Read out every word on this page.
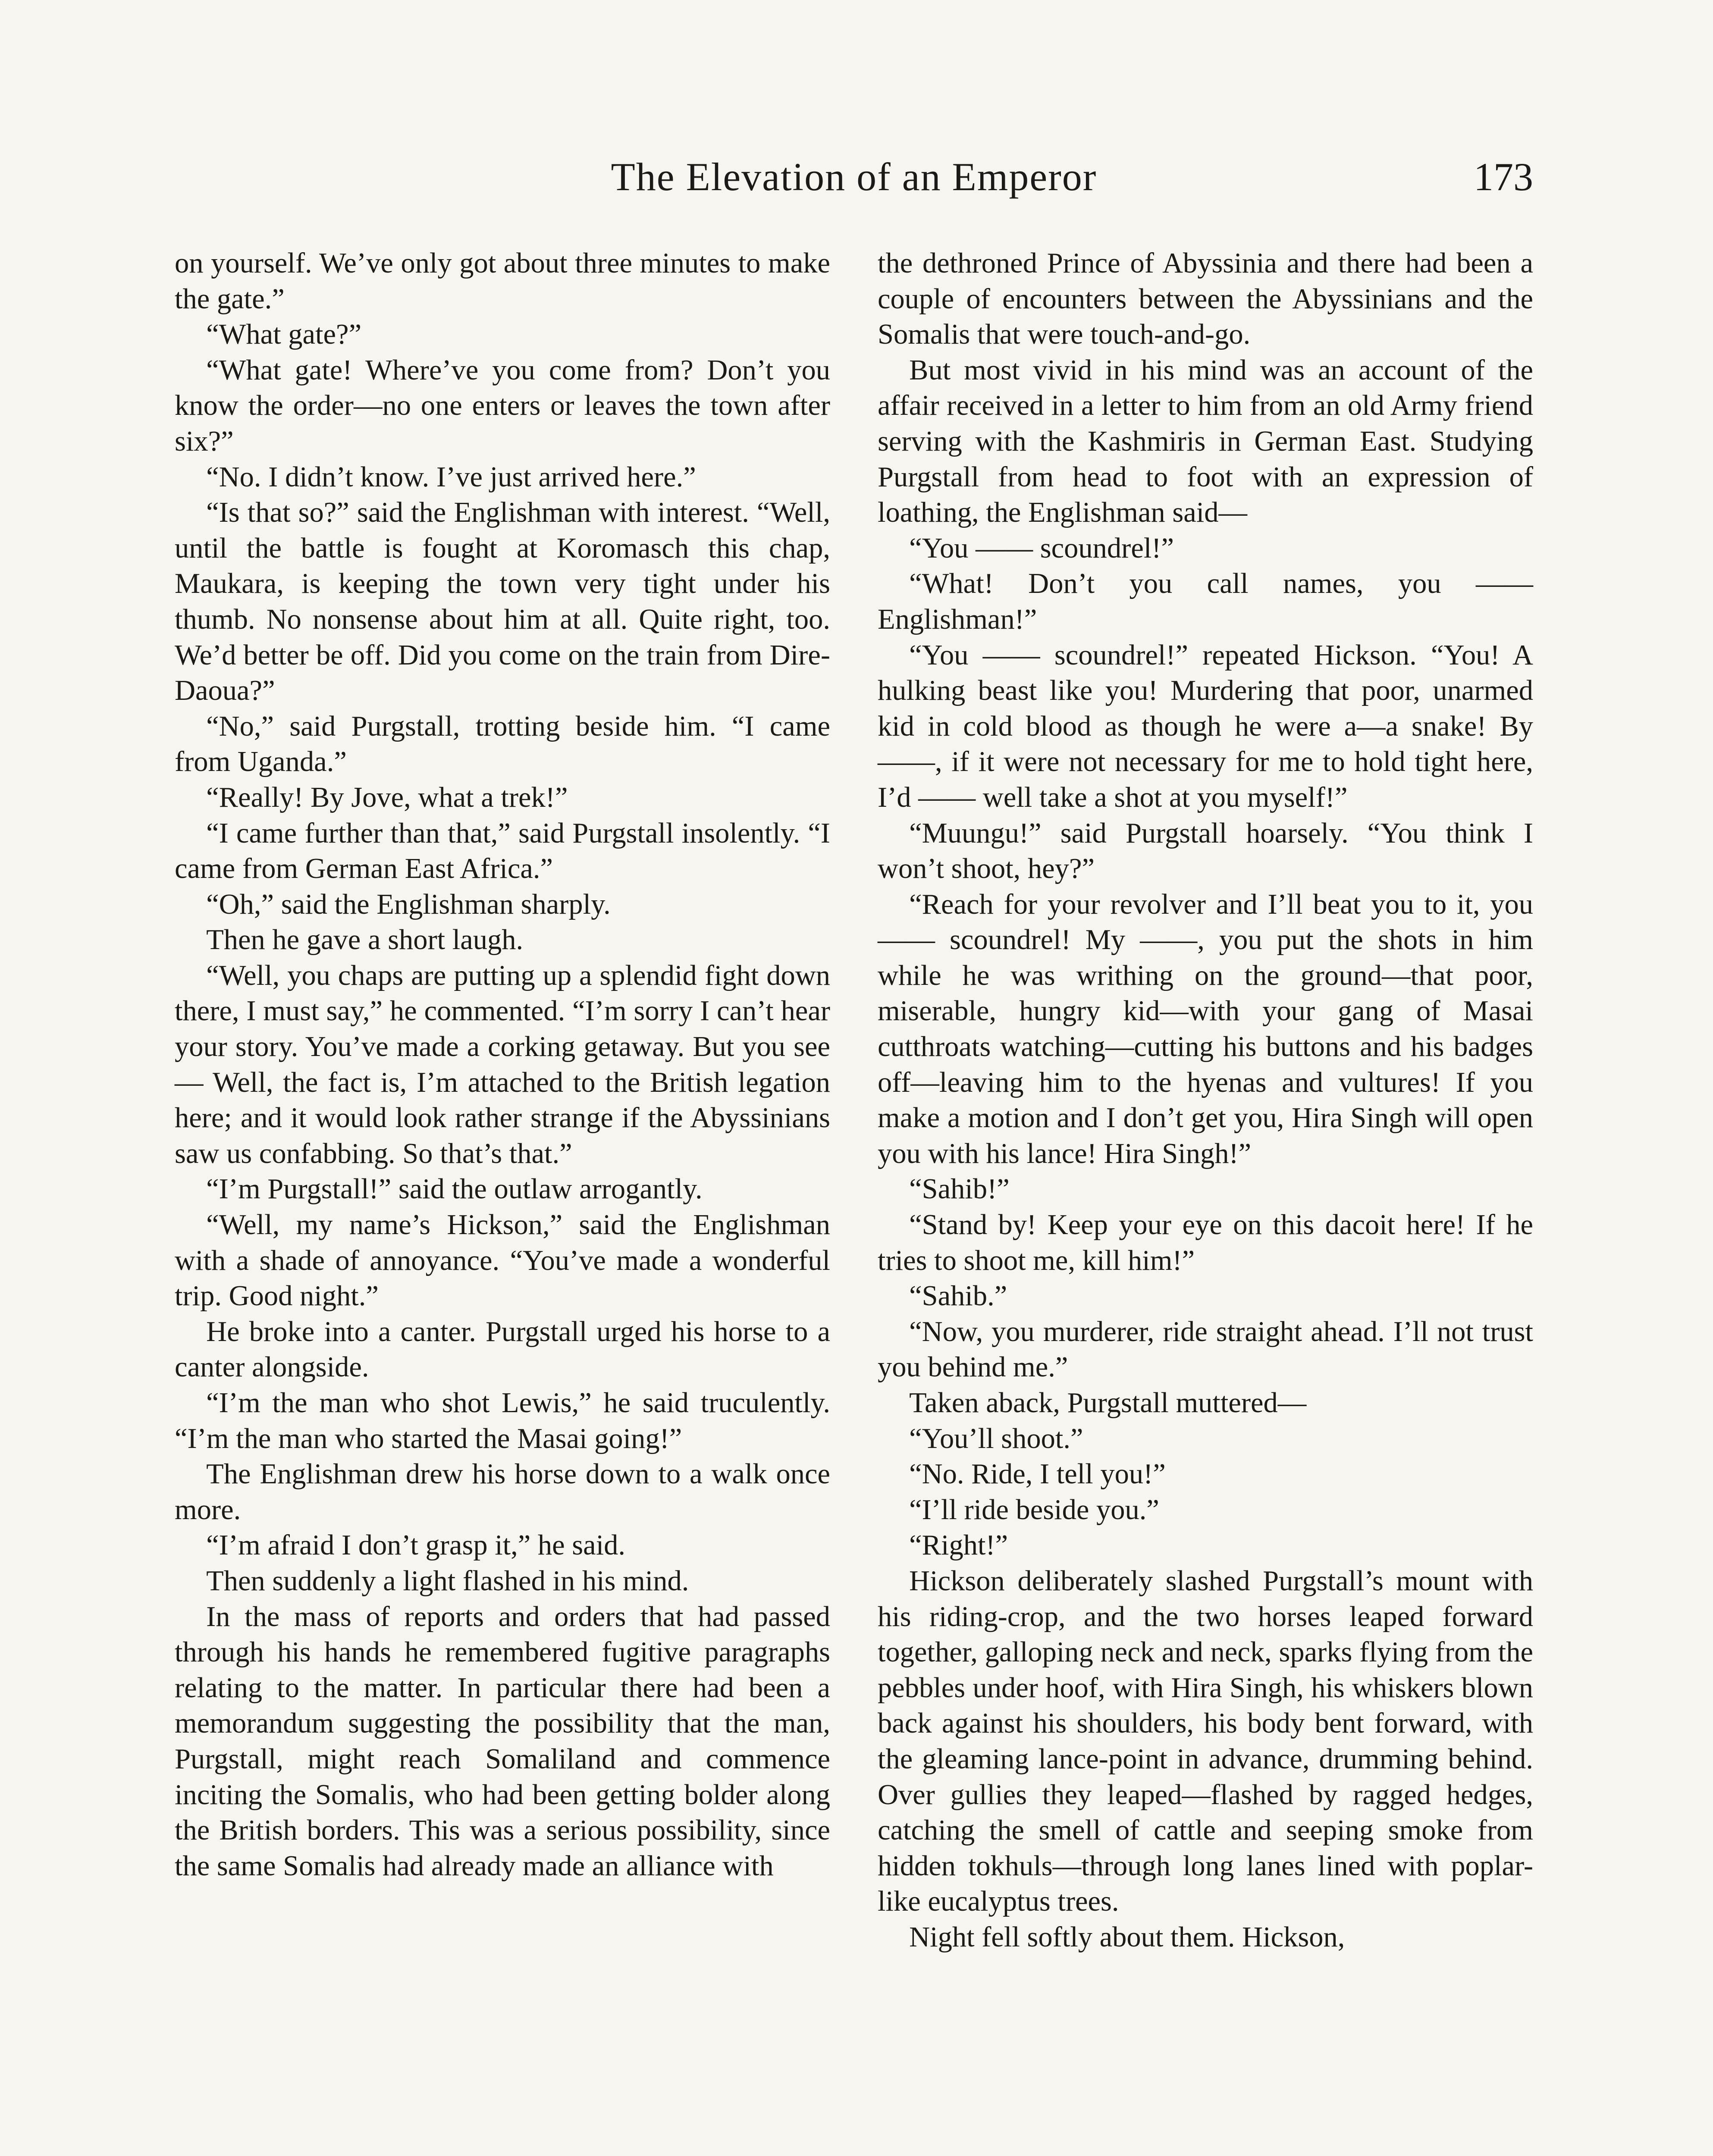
The Elevation of an Emperor	173

on yourself. We’ve only got about three minutes to make the gate.”

“What gate?”

“What gate! Where’ve you come from? Don’t you know the order—no one enters or leaves the town after six?”

“No. I didn’t know. I’ve just arrived here.”

“Is that so?” said the Englishman with interest. “Well, until the battle is fought at Koromasch this chap, Maukara, is keeping the town very tight under his thumb. No nonsense about him at all. Quite right, too. We’d better be off. Did you come on the train from Dire-Daoua?”

“No,” said Purgstall, trotting beside him. “I came from Uganda.”

“Really! By Jove, what a trek!”

“I came further than that,” said Purgstall insolently. “I came from German East Africa.”

“Oh,” said the Englishman sharply.

Then he gave a short laugh.

“Well, you chaps are putting up a splendid fight down there, I must say,” he commented. “I’m sorry I can’t hear your story. You’ve made a corking getaway. But you see— Well, the fact is, I’m attached to the British legation here; and it would look rather strange if the Abyssinians saw us confabbing. So that’s that.”

“I’m Purgstall!” said the outlaw arrogantly.

“Well, my name’s Hickson,” said the Englishman with a shade of annoyance. “You’ve made a wonderful trip. Good night.”

He broke into a canter. Purgstall urged his horse to a canter alongside.

“I’m the man who shot Lewis,” he said truculently. “I’m the man who started the Masai going!”

The Englishman drew his horse down to a walk once more.

“I’m afraid I don’t grasp it,” he said.

Then suddenly a light flashed in his mind.

In the mass of reports and orders that had passed through his hands he remembered fugitive paragraphs relating to the matter. In particular there had been a memorandum suggesting the possibility that the man, Purgstall, might reach Somaliland and commence inciting the Somalis, who had been getting bolder along the British borders. This was a serious possibility, since the same Somalis had already made an alliance with

the dethroned Prince of Abyssinia and there had been a couple of encounters between the Abyssinians and the Somalis that were touch-and-go.

But most vivid in his mind was an account of the affair received in a letter to him from an old Army friend serving with the Kashmiris in German East. Studying Purgstall from head to foot with an expression of loathing, the Englishman said—

“You —— scoundrel!”

“What! Don’t you call names, you —— Englishman!”

“You —— scoundrel!” repeated Hickson. “You! A hulking beast like you! Murdering that poor, unarmed kid in cold blood as though he were a—a snake! By ——, if it were not necessary for me to hold tight here, I’d —— well take a shot at you myself!”

“Muungu!” said Purgstall hoarsely. “You think I won’t shoot, hey?”

“Reach for your revolver and I’ll beat you to it, you —— scoundrel! My ——, you put the shots in him while he was writhing on the ground—that poor, miserable, hungry kid—with your gang of Masai cutthroats watching—cutting his buttons and his badges off—leaving him to the hyenas and vultures! If you make a motion and I don’t get you, Hira Singh will open you with his lance! Hira Singh!”

“Sahib!”

“Stand by! Keep your eye on this dacoit here! If he tries to shoot me, kill him!”

“Sahib.”

“Now, you murderer, ride straight ahead. I’ll not trust you behind me.”

Taken aback, Purgstall muttered—

“You’ll shoot.”

“No. Ride, I tell you!”

“I’ll ride beside you.”

“Right!”

Hickson deliberately slashed Purgstall’s mount with his riding-crop, and the two horses leaped forward together, galloping neck and neck, sparks flying from the pebbles under hoof, with Hira Singh, his whiskers blown back against his shoulders, his body bent forward, with the gleaming lance-point in advance, drumming behind. Over gullies they leaped—flashed by ragged hedges, catching the smell of cattle and seeping smoke from hidden tokhuls—through long lanes lined with poplar-like eucalyptus trees.

Night fell softly about them. Hickson,
